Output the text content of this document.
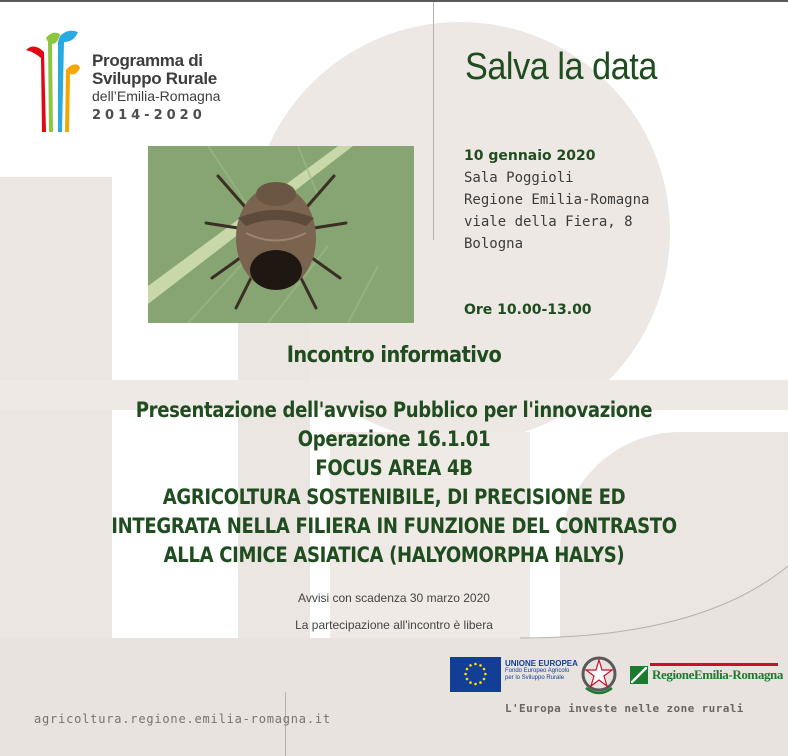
Programma di
Sviluppo Rurale
dell’Emilia-Romagna
2014-2020
Salva la data
10 gennaio 2020
Sala Poggioli
Regione Emilia-Romagna
viale della Fiera, 8
Bologna
Ore 10.00-13.00
Incontro informativo
Presentazione dell'avviso Pubblico per l'innovazione
Operazione 16.1.01
FOCUS AREA 4B
AGRICOLTURA SOSTENIBILE, DI PRECISIONE ED
INTEGRATA NELLA FILIERA IN FUNZIONE DEL CONTRASTO
ALLA CIMICE ASIATICA (HALYOMORPHA HALYS)
Avvisi con scadenza 30 marzo 2020
La partecipazione all'incontro è libera
agricoltura.regione.emilia-romagna.it
UNIONE EUROPEA
Fondo Europeo Agricolo
per lo Sviluppo Rurale	RegioneEmilia-Romagna
L'Europa investe nelle zone rurali
